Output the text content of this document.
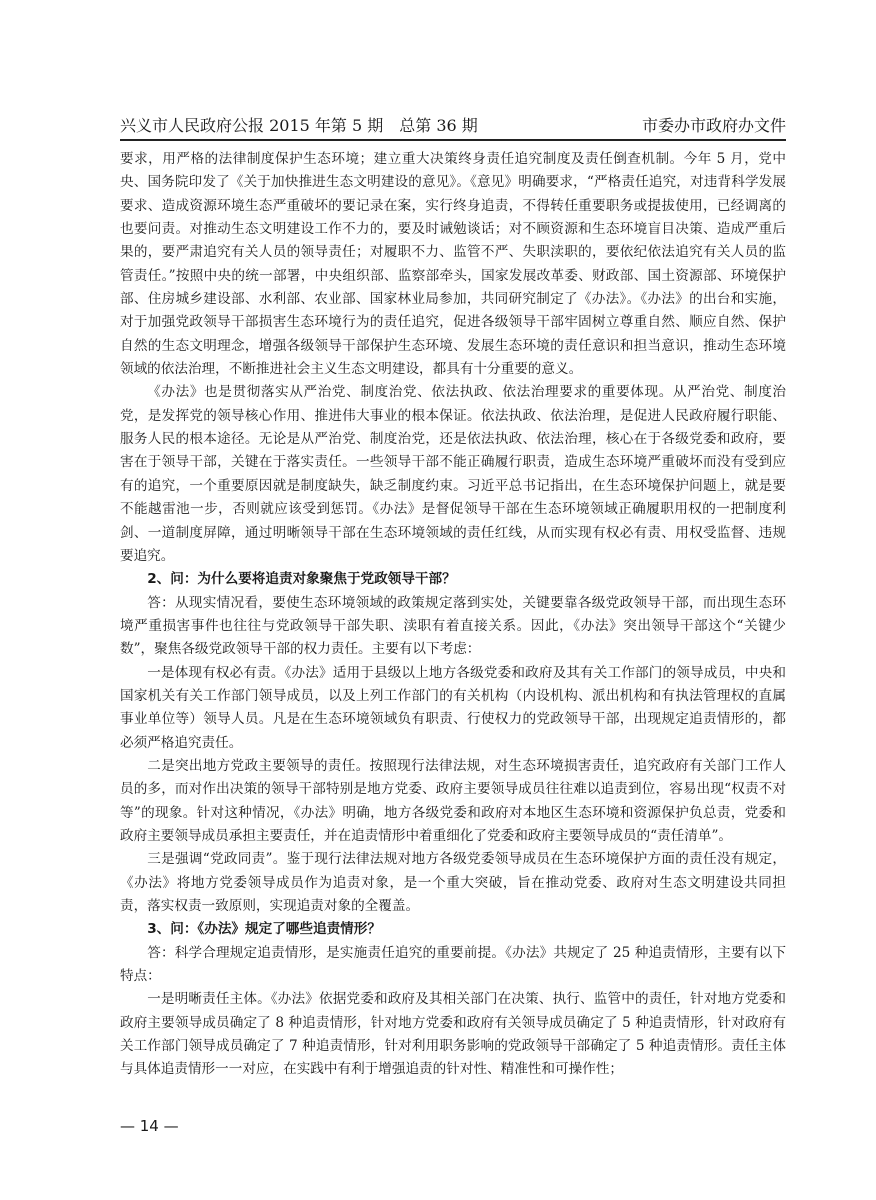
兴义市人民政府公报 2015 年第 5 期　总第 36 期	市委办市政府办文件

要求，用严格的法律制度保护生态环境；建立重大决策终身责任追究制度及责任倒查机制。今年 5 月，党中央、国务院印发了《关于加快推进生态文明建设的意见》。《意见》明确要求，“严格责任追究，对违背科学发展要求、造成资源环境生态严重破坏的要记录在案，实行终身追责，不得转任重要职务或提拔使用，已经调离的也要问责。对推动生态文明建设工作不力的，要及时诫勉谈话；对不顾资源和生态环境盲目决策、造成严重后果的，要严肃追究有关人员的领导责任；对履职不力、监管不严、失职渎职的，要依纪依法追究有关人员的监管责任。”按照中央的统一部署，中央组织部、监察部牵头，国家发展改革委、财政部、国土资源部、环境保护部、住房城乡建设部、水利部、农业部、国家林业局参加，共同研究制定了《办法》。《办法》的出台和实施，对于加强党政领导干部损害生态环境行为的责任追究，促进各级领导干部牢固树立尊重自然、顺应自然、保护自然的生态文明理念，增强各级领导干部保护生态环境、发展生态环境的责任意识和担当意识，推动生态环境领域的依法治理，不断推进社会主义生态文明建设，都具有十分重要的意义。

《办法》也是贯彻落实从严治党、制度治党、依法执政、依法治理要求的重要体现。从严治党、制度治党，是发挥党的领导核心作用、推进伟大事业的根本保证。依法执政、依法治理，是促进人民政府履行职能、服务人民的根本途径。无论是从严治党、制度治党，还是依法执政、依法治理，核心在于各级党委和政府，要害在于领导干部，关键在于落实责任。一些领导干部不能正确履行职责，造成生态环境严重破坏而没有受到应有的追究，一个重要原因就是制度缺失，缺乏制度约束。习近平总书记指出，在生态环境保护问题上，就是要不能越雷池一步，否则就应该受到惩罚。《办法》是督促领导干部在生态环境领域正确履职用权的一把制度利剑、一道制度屏障，通过明晰领导干部在生态环境领域的责任红线，从而实现有权必有责、用权受监督、违规要追究。

2、问：为什么要将追责对象聚焦于党政领导干部？

答：从现实情况看，要使生态环境领域的政策规定落到实处，关键要靠各级党政领导干部，而出现生态环境严重损害事件也往往与党政领导干部失职、渎职有着直接关系。因此，《办法》突出领导干部这个“关键少数”，聚焦各级党政领导干部的权力责任。主要有以下考虑：

一是体现有权必有责。《办法》适用于县级以上地方各级党委和政府及其有关工作部门的领导成员，中央和国家机关有关工作部门领导成员，以及上列工作部门的有关机构（内设机构、派出机构和有执法管理权的直属事业单位等）领导人员。凡是在生态环境领域负有职责、行使权力的党政领导干部，出现规定追责情形的，都必须严格追究责任。

二是突出地方党政主要领导的责任。按照现行法律法规，对生态环境损害责任，追究政府有关部门工作人员的多，而对作出决策的领导干部特别是地方党委、政府主要领导成员往往难以追责到位，容易出现“权责不对等”的现象。针对这种情况，《办法》明确，地方各级党委和政府对本地区生态环境和资源保护负总责，党委和政府主要领导成员承担主要责任，并在追责情形中着重细化了党委和政府主要领导成员的“责任清单”。

三是强调“党政同责”。鉴于现行法律法规对地方各级党委领导成员在生态环境保护方面的责任没有规定，《办法》将地方党委领导成员作为追责对象，是一个重大突破，旨在推动党委、政府对生态文明建设共同担责，落实权责一致原则，实现追责对象的全覆盖。

3、问：《办法》规定了哪些追责情形？

答：科学合理规定追责情形，是实施责任追究的重要前提。《办法》共规定了 25 种追责情形，主要有以下特点：

一是明晰责任主体。《办法》依据党委和政府及其相关部门在决策、执行、监管中的责任，针对地方党委和政府主要领导成员确定了 8 种追责情形，针对地方党委和政府有关领导成员确定了 5 种追责情形，针对政府有关工作部门领导成员确定了 7 种追责情形，针对利用职务影响的党政领导干部确定了 5 种追责情形。责任主体与具体追责情形一一对应，在实践中有利于增强追责的针对性、精准性和可操作性；

— 14 —
